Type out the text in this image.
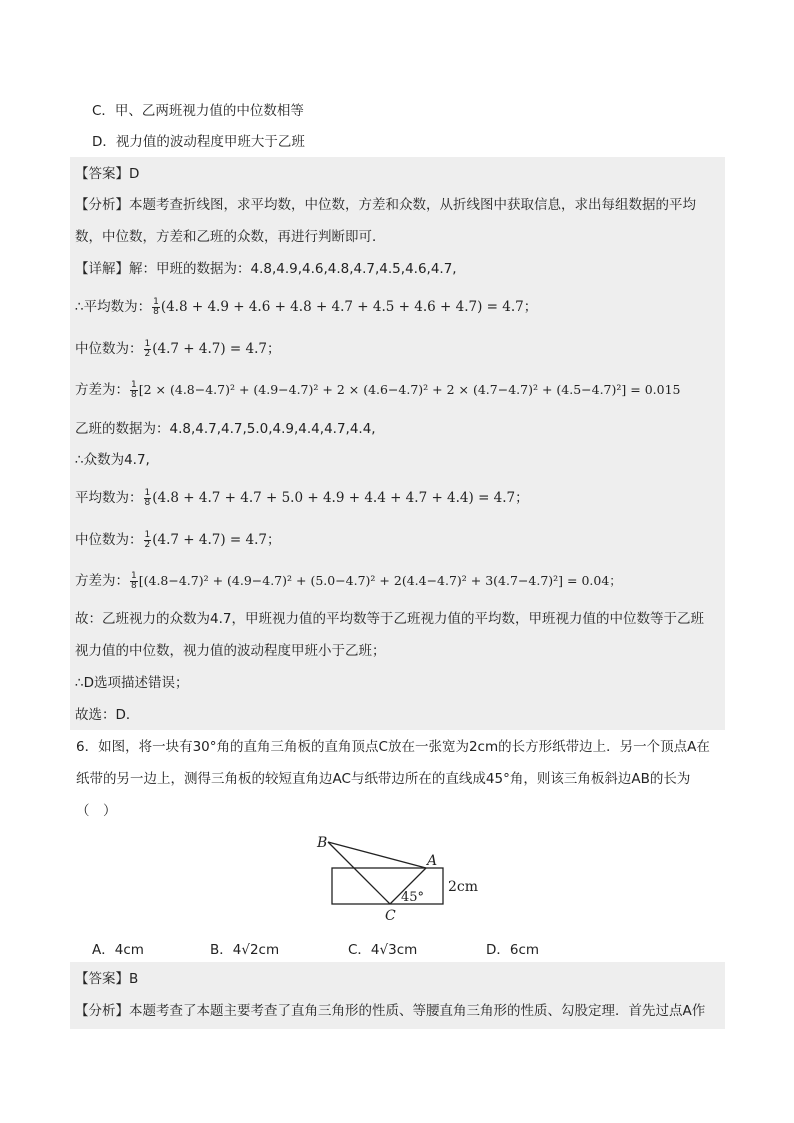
C．甲、乙两班视力值的中位数相等
D．视力值的波动程度甲班大于乙班
【答案】D
【分析】本题考查折线图，求平均数，中位数，方差和众数，从折线图中获取信息，求出每组数据的平均
数，中位数，方差和乙班的众数，再进行判断即可．
【详解】解：甲班的数据为：4.8,4.9,4.6,4.8,4.7,4.5,4.6,4.7,
∴平均数为： $\frac{1}{8} (4.8 + 4.9 + 4.6 + 4.8 + 4.7 + 4.5 + 4.6 + 4.7) = 4.7$；
中位数为： $\frac{1}{2} (4.7 + 4.7) = 4.7$；
方差为： $\frac{1}{8} [2 \times (4.8-4.7)^2 + (4.9-4.7)^2 + 2 \times (4.6-4.7)^2 + 2 \times (4.7-4.7)^2 + (4.5-4.7)^2] = 0.015$
乙班的数据为：4.8,4.7,4.7,5.0,4.9,4.4,4.7,4.4,
∴众数为4.7,
平均数为： $\frac{1}{8} (4.8 + 4.7 + 4.7 + 5.0 + 4.9 + 4.4 + 4.7 + 4.4) = 4.7$；
中位数为： $\frac{1}{2} (4.7 + 4.7) = 4.7$；
方差为： $\frac{1}{8} [(4.8-4.7)^2 + (4.9-4.7)^2 + (5.0-4.7)^2 + 2(4.4-4.7)^2 + 3(4.7-4.7)^2] = 0.04$；
故：乙班视力的众数为4.7，甲班视力值的平均数等于乙班视力值的平均数，甲班视力值的中位数等于乙班
视力值的中位数，视力值的波动程度甲班小于乙班；
∴D选项描述错误；
故选：D．
6．如图，将一块有30°角的直角三角板的直角顶点C放在一张宽为2cm的长方形纸带边上．另一个顶点A在
纸带的另一边上，测得三角板的较短直角边AC与纸带边所在的直线成45°角，则该三角板斜边AB的长为
（　）
B
A
C
45°
2cm
A．4cm	B．4√2cm	C．4√3cm	D．6cm
【答案】B
【分析】本题考查了本题主要考查了直角三角形的性质、等腰直角三角形的性质、勾股定理．首先过点A作
